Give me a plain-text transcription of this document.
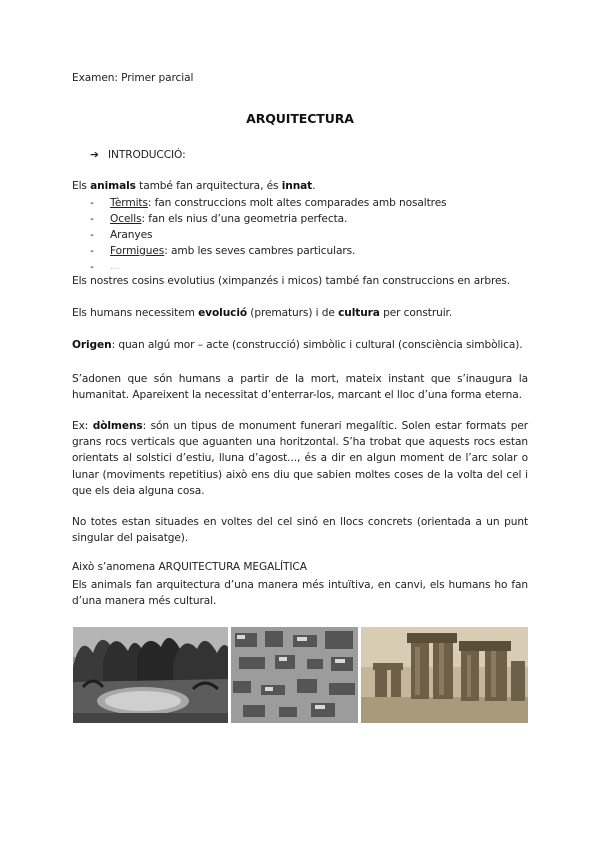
Examen: Primer parcial
ARQUITECTURA
➔ INTRODUCCIÓ:
Els animals també fan arquitectura, és innat.
- Tèrmits: fan construccions molt altes comparades amb nosaltres
- Ocells: fan els nius d’una geometria perfecta.
- Aranyes
- Formigues: amb les seves cambres particulars.
- ...
Els nostres cosins evolutius (ximpanzés i micos) també fan construccions en arbres.
Els humans necessitem evolució (prematurs) i de cultura per construir.
Origen: quan algú mor – acte (construcció) simbòlic i cultural (consciència simbòlica).
S’adonen que són humans a partir de la mort, mateix instant que s’inaugura la
humanitat. Apareixent la necessitat d’enterrar-los, marcant el lloc d’una forma eterna.
Ex: dòlmens: són un tipus de monument funerari megalític. Solen estar formats per
grans rocs verticals que aguanten una horitzontal. S’ha trobat que aquests rocs estan
orientats al solstici d’estiu, lluna d’agost..., és a dir en algun moment de l’arc solar o
lunar (moviments repetitius) això ens diu que sabien moltes coses de la volta del cel i
que els deia alguna cosa.
No totes estan situades en voltes del cel sinó en llocs concrets (orientada a un punt
singular del paisatge).
Això s’anomena ARQUITECTURA MEGALÍTICA
Els animals fan arquitectura d’una manera més intuïtiva, en canvi, els humans ho fan
d’una manera més cultural.
